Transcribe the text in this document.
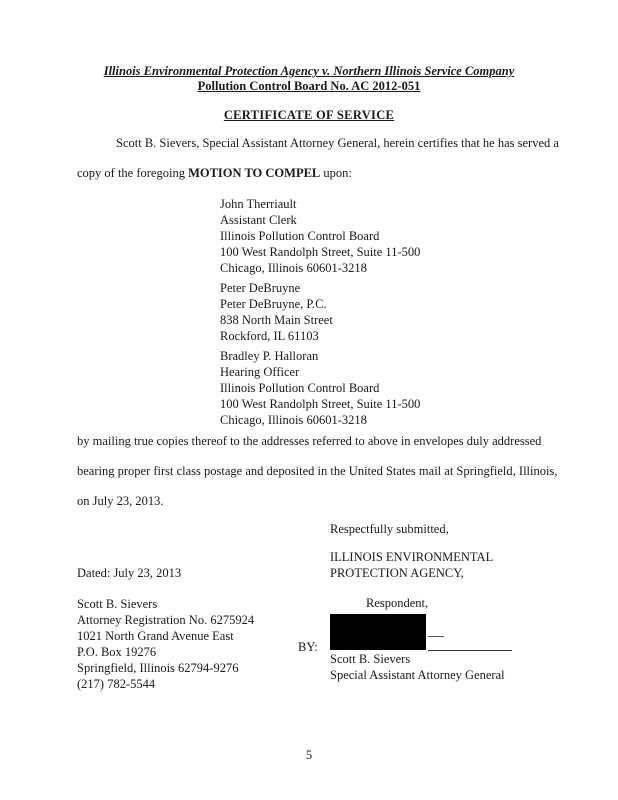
Illinois Environmental Protection Agency v. Northern Illinois Service Company
Pollution Control Board No. AC 2012-051
CERTIFICATE OF SERVICE
Scott B. Sievers, Special Assistant Attorney General, herein certifies that he has served a
copy of the foregoing MOTION TO COMPEL upon:
John Therriault
Assistant Clerk
Illinois Pollution Control Board
100 West Randolph Street, Suite 11-500
Chicago, Illinois 60601-3218
Peter DeBruyne
Peter DeBruyne, P.C.
838 North Main Street
Rockford, IL 61103
Bradley P. Halloran
Hearing Officer
Illinois Pollution Control Board
100 West Randolph Street, Suite 11-500
Chicago, Illinois 60601-3218
by mailing true copies thereof to the addresses referred to above in envelopes duly addressed
bearing proper first class postage and deposited in the United States mail at Springfield, Illinois,
on July 23, 2013.
Respectfully submitted,
ILLINOIS ENVIRONMENTAL
PROTECTION AGENCY,
Dated: July 23, 2013
Respondent,
Scott B. Sievers
Attorney Registration No. 6275924
1021 North Grand Avenue East
P.O. Box 19276
Springfield, Illinois 62794-9276
(217) 782-5544
BY:
Scott B. Sievers
Special Assistant Attorney General
5
